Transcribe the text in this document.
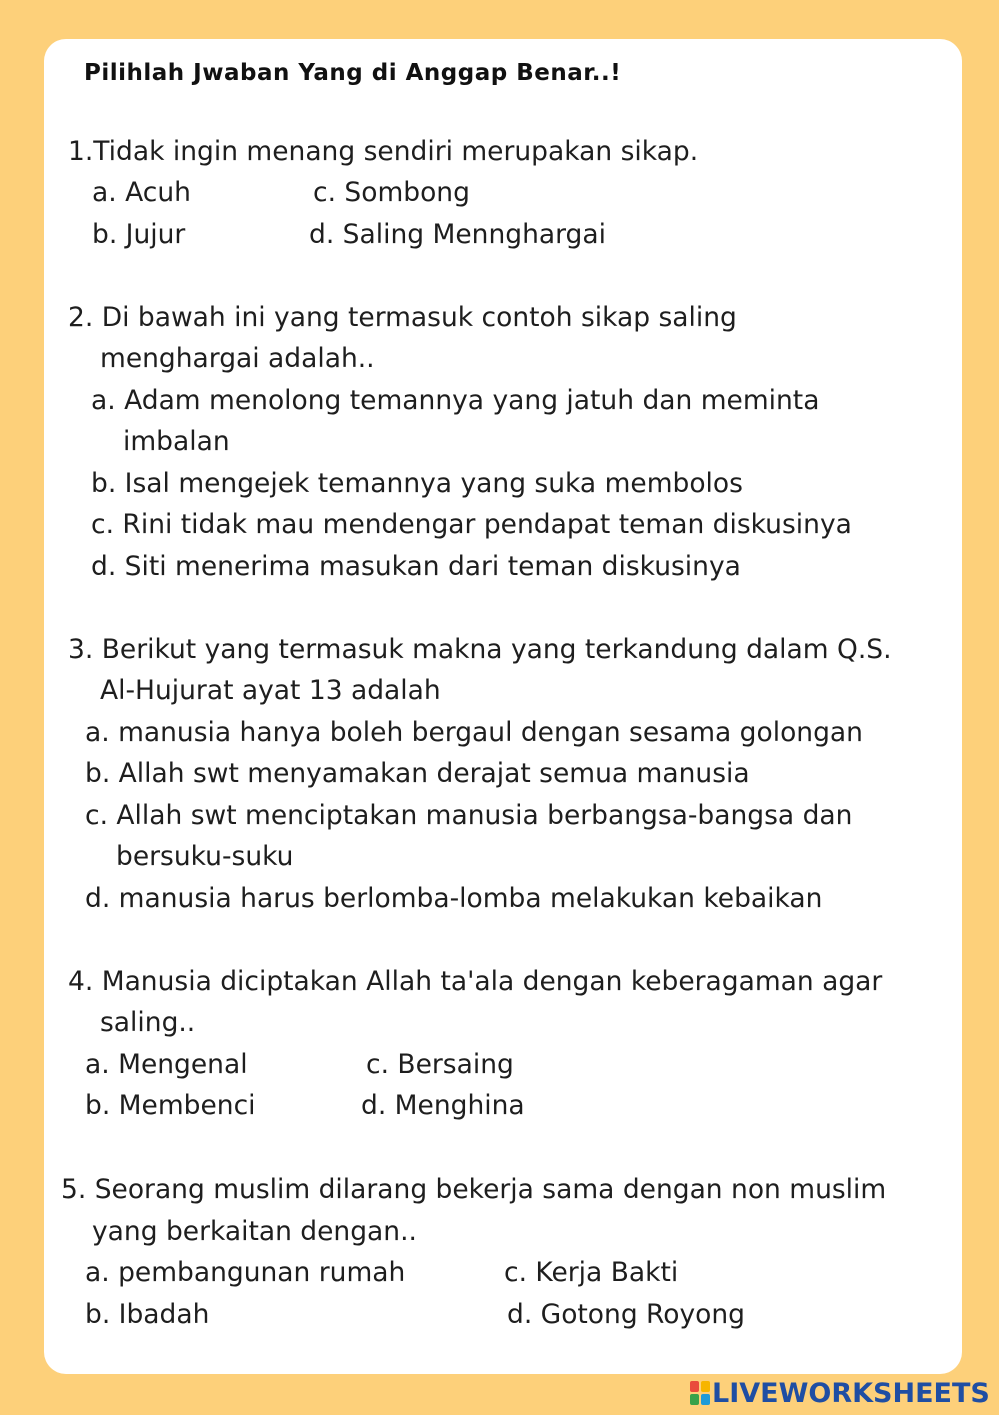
Pilihlah Jwaban Yang di Anggap Benar..!
1.Tidak ingin menang sendiri merupakan sikap.
a. Acuh	c. Sombong
b. Jujur	d. Saling Mennghargai
2. Di bawah ini yang termasuk contoh sikap saling
menghargai adalah..
a. Adam menolong temannya yang jatuh dan meminta
imbalan
b. Isal mengejek temannya yang suka membolos
c. Rini tidak mau mendengar pendapat teman diskusinya
d. Siti menerima masukan dari teman diskusinya
3. Berikut yang termasuk makna yang terkandung dalam Q.S.
Al-Hujurat ayat 13 adalah
a. manusia hanya boleh bergaul dengan sesama golongan
b. Allah swt menyamakan derajat semua manusia
c. Allah swt menciptakan manusia berbangsa-bangsa dan
bersuku-suku
d. manusia harus berlomba-lomba melakukan kebaikan
4. Manusia diciptakan Allah ta'ala dengan keberagaman agar
saling..
a. Mengenal	c. Bersaing
b. Membenci	d. Menghina
5. Seorang muslim dilarang bekerja sama dengan non muslim
yang berkaitan dengan..
a. pembangunan rumah	c. Kerja Bakti
b. Ibadah	d. Gotong Royong
LIVEWORKSHEETS
